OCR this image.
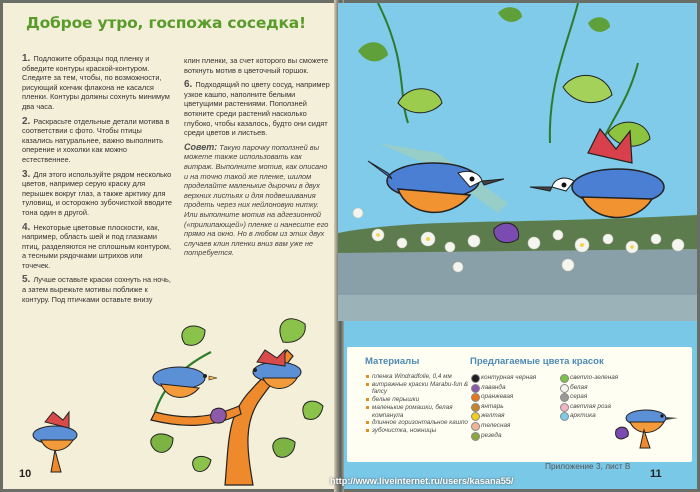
Доброе утро, госпожа соседка!

1. Подложите образцы под пленку и обведите контуры краской-контуром. Следите за тем, чтобы, по возможности, рисующий кончик флакона не касался пленки. Контуры должны сохнуть минимум два часа.

2. Раскрасьте отдельные детали мотива в соответствии с фото. Чтобы птицы казались натуральнее, важно выполнить оперение и хохолки как можно естественнее.

3. Для этого используйте рядом несколько цветов, например серую краску для перышек вокруг глаз, а также арктику для туловищ, и осторожно зубочисткой вводите тона один в другой.

4. Некоторые цветовые плоскости, как, например, область шей и под глазками птиц, разделяются не сплошным контуром, а тесными рядочками штрихов или точечек.

5. Лучше оставьте краски сохнуть на ночь, а затем вырежьте мотивы поближе к контуру. Под птичками оставьте внизу

клин пленки, за счет которого вы сможете воткнуть мотив в цветочный горшок.

6. Подходящий по цвету сосуд, например узкое кашпо, наполните белыми цветущими растениями. Поползней воткните среди растений насколько глубоко, чтобы казалось, будто они сидят среди цветов и листьев.

Совет: Такую парочку поползней вы можете также использовать как витраж. Выполните мотив, как описано и на точно такой же пленке, шилом проделайте маленькие дырочки в двух верхних листьях и для подвешивания продеть через них нейлоновую нитку. Или выполните мотив на адгезионной («прилипающей») пленке и нанесите его прямо на окно. Но в любом из этих двух случаев клин пленки вниз вам уже не потребуется.

10
Материалы
пленка Windradfolie, 0,4 мм
витражные краски Marabu-fun & fancy
белые перышки
маленькие ромашки, белая компанула
длинное горизонтальное кашпо
зубочистка, ножницы
Предлагаемые цвета красок
контурная черная
лаванда
оранжевая
янтарь
желтая
телесная
резеда
светло-зеленая
белая
серая
светлая роза
арктика
Приложение 3, лист В
11
http://www.liveinternet.ru/users/kasana55/
